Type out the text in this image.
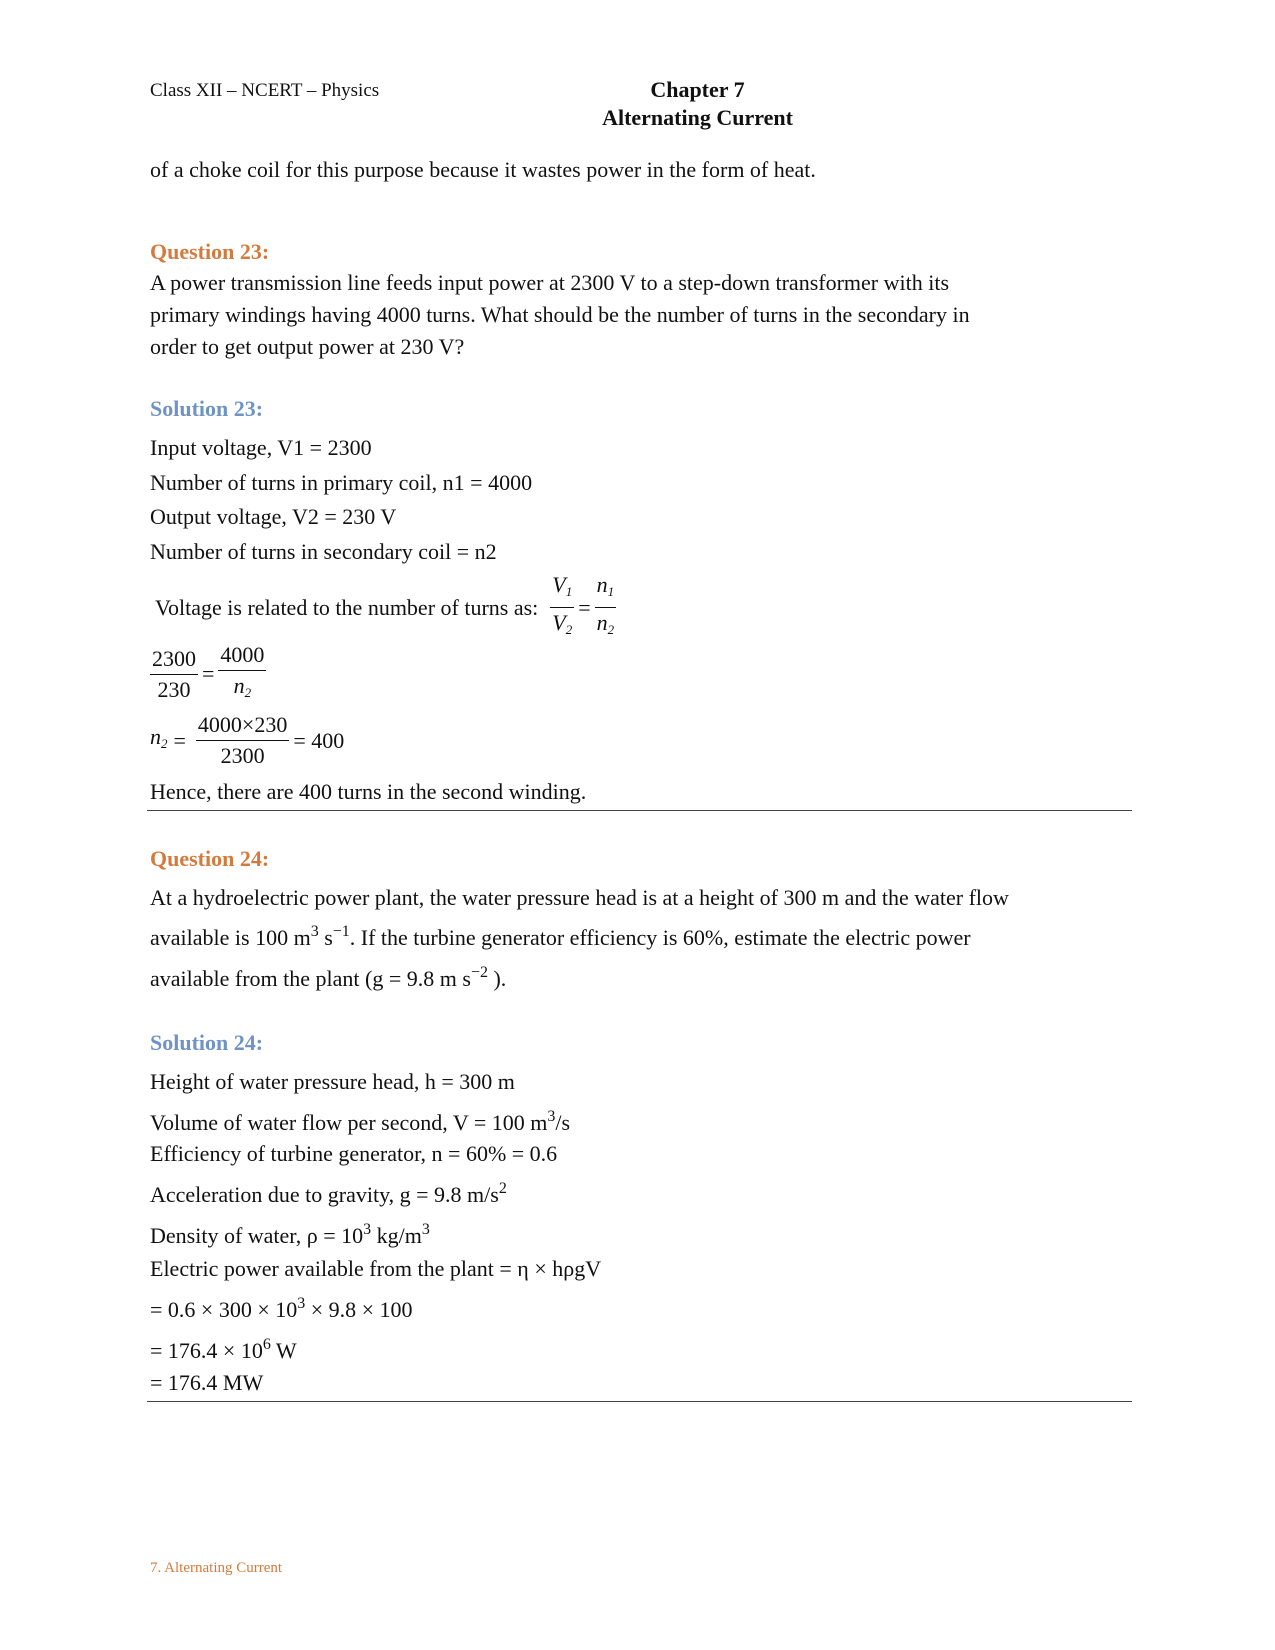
Class XII – NCERT – Physics	Chapter 7
Alternating Current
of a choke coil for this purpose because it wastes power in the form of heat.
Question 23:
A power transmission line feeds input power at 2300 V to a step-down transformer with its
primary windings having 4000 turns. What should be the number of turns in the secondary in
order to get output power at 230 V?
Solution 23:
Input voltage, V1 = 2300
Number of turns in primary coil, n1 = 4000
Output voltage, V2 = 230 V
Number of turns in secondary coil = n2
Voltage is related to the number of turns as: $\frac{V_1}{V_2} = \frac{n_1}{n_2}$
$\frac{2300}{230} = \frac{4000}{n_2}$
$n_2 = \frac{4000\times 230}{2300} = 400$
Hence, there are 400 turns in the second winding.
Question 24:
At a hydroelectric power plant, the water pressure head is at a height of 300 m and the water flow
available is 100 $m^3$ $s^{-1}$. If the turbine generator efficiency is 60%, estimate the electric power
available from the plant (g = 9.8 m $s^{-2}$ ).
Solution 24:
Height of water pressure head, h = 300 m
Volume of water flow per second, V = 100 $m^3/s$
Efficiency of turbine generator, n = 60% = 0.6
Acceleration due to gravity, g = 9.8 $m/s^2$
Density of water, $\rho = 10^3$ $kg/m^3$
Electric power available from the plant = η × hρgV
= $0.6 \times 300 \times 10^3 \times 9.8 \times 100$
= $176.4 \times 10^6$ W
= 176.4 MW
7. Alternating Current
